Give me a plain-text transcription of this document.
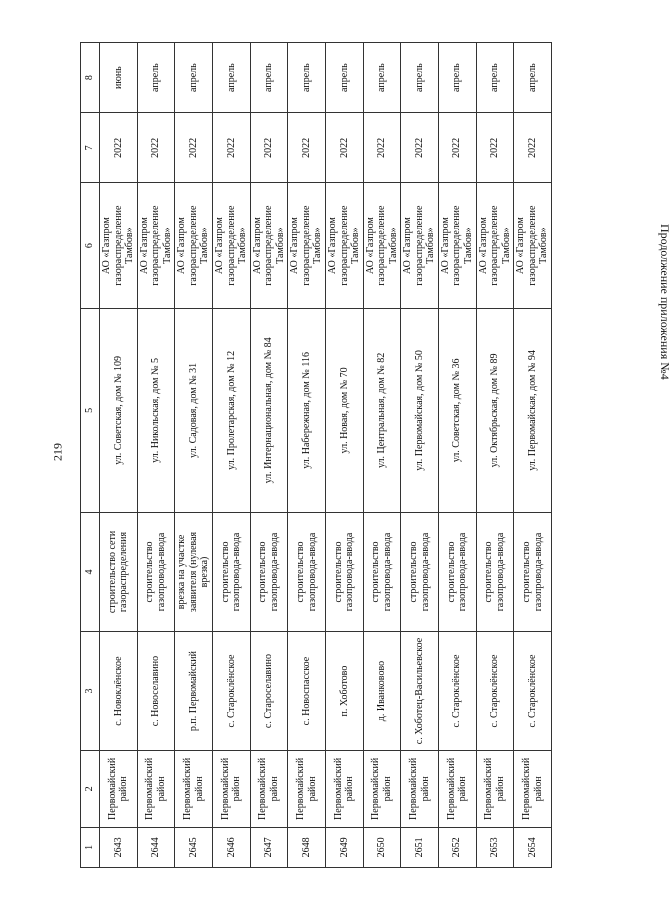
219
Продолжение приложения №4
1	2	3	4	5	6	7	8
2643	Первомайский район	с. Новоклёнское	строительство сети газораспределения	ул. Советская, дом № 109	АО «Газпром газораспределение Тамбов»	2022	июнь
2644	Первомайский район	с. Новоселавино	строительство газопровода-ввода	ул. Никольская, дом № 5	АО «Газпром газораспределение Тамбов»	2022	апрель
2645	Первомайский район	р.п. Первомайский	врезка на участке заявителя (нулевая врезка)	ул. Садовая, дом № 31	АО «Газпром газораспределение Тамбов»	2022	апрель
2646	Первомайский район	с. Староклёнское	строительство газопровода-ввода	ул. Пролетарская, дом № 12	АО «Газпром газораспределение Тамбов»	2022	апрель
2647	Первомайский район	с. Староселавино	строительство газопровода-ввода	ул. Интернациональная, дом № 84	АО «Газпром газораспределение Тамбов»	2022	апрель
2648	Первомайский район	с. Новоспасское	строительство газопровода-ввода	ул. Набережная, дом № 116	АО «Газпром газораспределение Тамбов»	2022	апрель
2649	Первомайский район	п. Хоботово	строительство газопровода-ввода	ул. Новая, дом № 70	АО «Газпром газораспределение Тамбов»	2022	апрель
2650	Первомайский район	д. Иванковово	строительство газопровода-ввода	ул. Центральная, дом № 82	АО «Газпром газораспределение Тамбов»	2022	апрель
2651	Первомайский район	с. Хоботец-Васильевское	строительство газопровода-ввода	ул. Первомайская, дом № 50	АО «Газпром газораспределение Тамбов»	2022	апрель
2652	Первомайский район	с. Староклёнское	строительство газопровода-ввода	ул. Советская, дом № 36	АО «Газпром газораспределение Тамбов»	2022	апрель
2653	Первомайский район	с. Староклёнское	строительство газопровода-ввода	ул. Октябрьская, дом № 89	АО «Газпром газораспределение Тамбов»	2022	апрель
2654	Первомайский район	с. Староклёнское	строительство газопровода-ввода	ул. Первомайская, дом № 94	АО «Газпром газораспределение Тамбов»	2022	апрель
